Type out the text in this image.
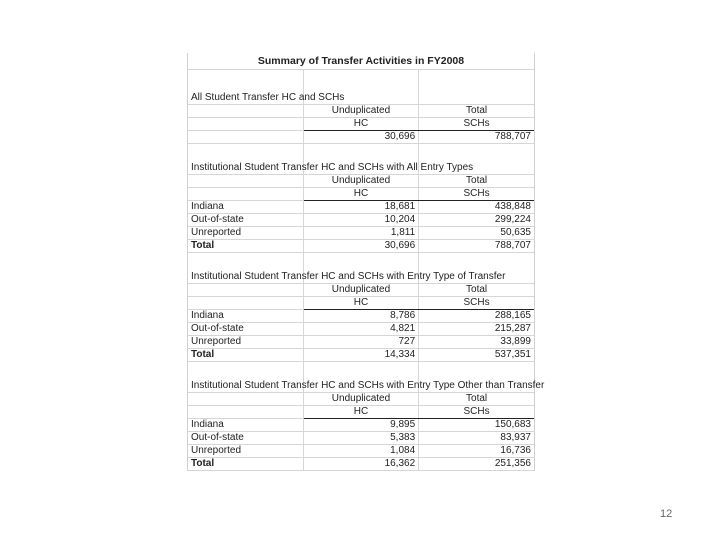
Summary of Transfer Activities in FY2008		

All Student Transfer HC and SCHs		
	Unduplicated	Total
	HC	SCHs
	30,696	788,707

Institutional Student Transfer HC and SCHs with All Entry Types		
	Unduplicated	Total
	HC	SCHs
Indiana	18,681	438,848
Out-of-state	10,204	299,224
Unreported	1,811	50,635
Total	30,696	788,707

Institutional Student Transfer HC and SCHs with Entry Type of Transfer		
	Unduplicated	Total
	HC	SCHs
Indiana	8,786	288,165
Out-of-state	4,821	215,287
Unreported	727	33,899
Total	14,334	537,351

Institutional Student Transfer HC and SCHs with Entry Type Other than Transfer		
	Unduplicated	Total
	HC	SCHs
Indiana	9,895	150,683
Out-of-state	5,383	83,937
Unreported	1,084	16,736
Total	16,362	251,356
12
